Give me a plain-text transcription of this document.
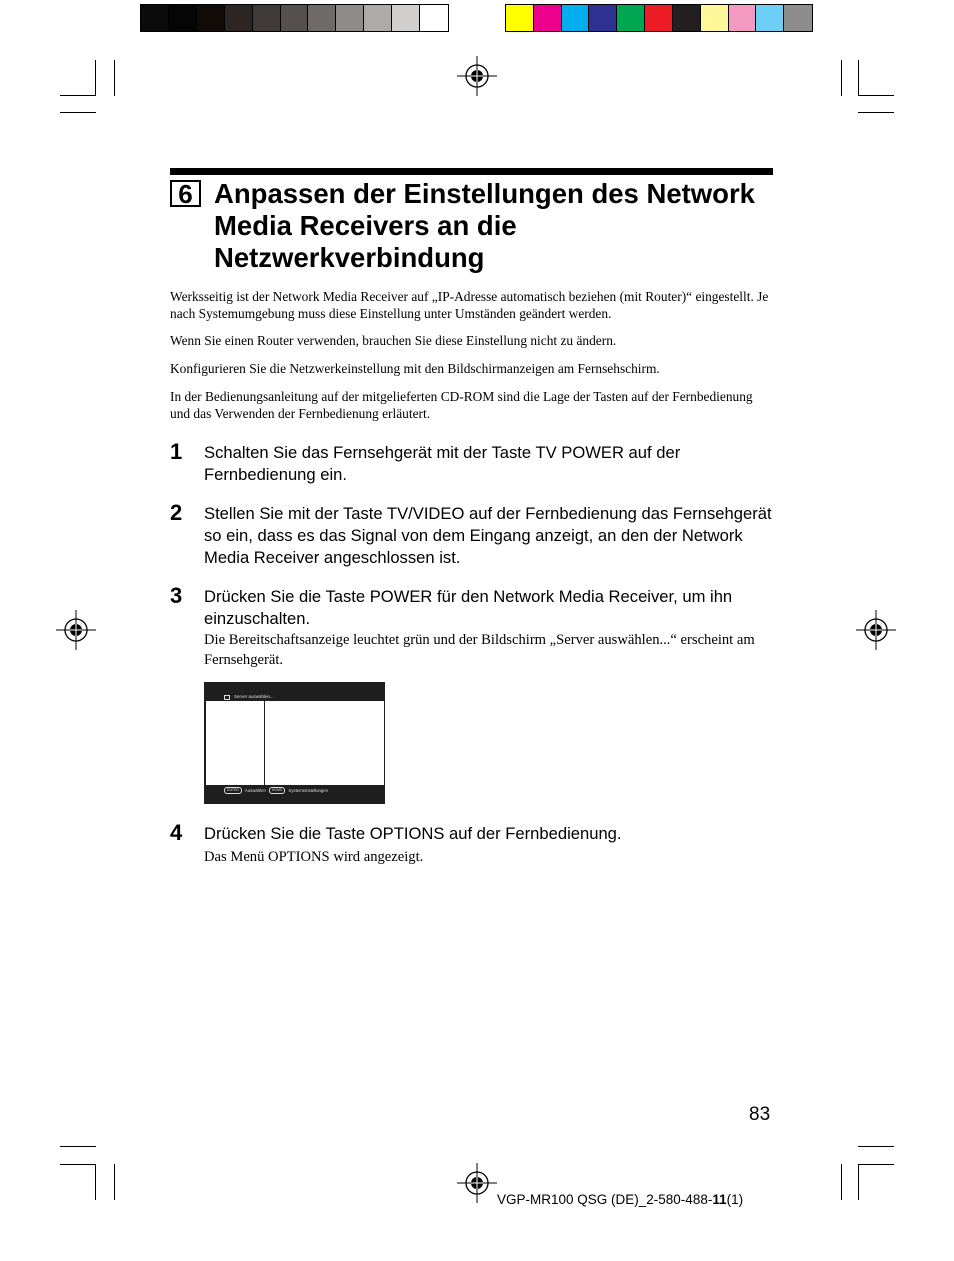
6 Anpassen der Einstellungen des Network
Media Receivers an die
Netzwerkverbindung

Werksseitig ist der Network Media Receiver auf „IP-Adresse automatisch beziehen (mit Router)“ eingestellt. Je nach Systemumgebung muss diese Einstellung unter Umständen geändert werden.

Wenn Sie einen Router verwenden, brauchen Sie diese Einstellung nicht zu ändern.

Konfigurieren Sie die Netzwerkeinstellung mit den Bildschirmanzeigen am Fernsehschirm.

In der Bedienungsanleitung auf der mitgelieferten CD-ROM sind die Lage der Tasten auf der Fernbedienung und das Verwenden der Fernbedienung erläutert.

1 Schalten Sie das Fernsehgerät mit der Taste TV POWER auf der Fernbedienung ein.

2 Stellen Sie mit der Taste TV/VIDEO auf der Fernbedienung das Fernsehgerät so ein, dass es das Signal von dem Eingang anzeigt, an den der Network Media Receiver angeschlossen ist.

3 Drücken Sie die Taste POWER für den Network Media Receiver, um ihn einzuschalten.

Die Bereitschaftsanzeige leuchtet grün und der Bildschirm „Server auswählen...“ erscheint am Fernsehgerät.

Server auswählen...
ENTER	Auswählen	HOME	Systemeinstellungen
4 Drücken Sie die Taste OPTIONS auf der Fernbedienung.

Das Menü OPTIONS wird angezeigt.

83
VGP-MR100 QSG (DE)_2-580-488-11(1)
